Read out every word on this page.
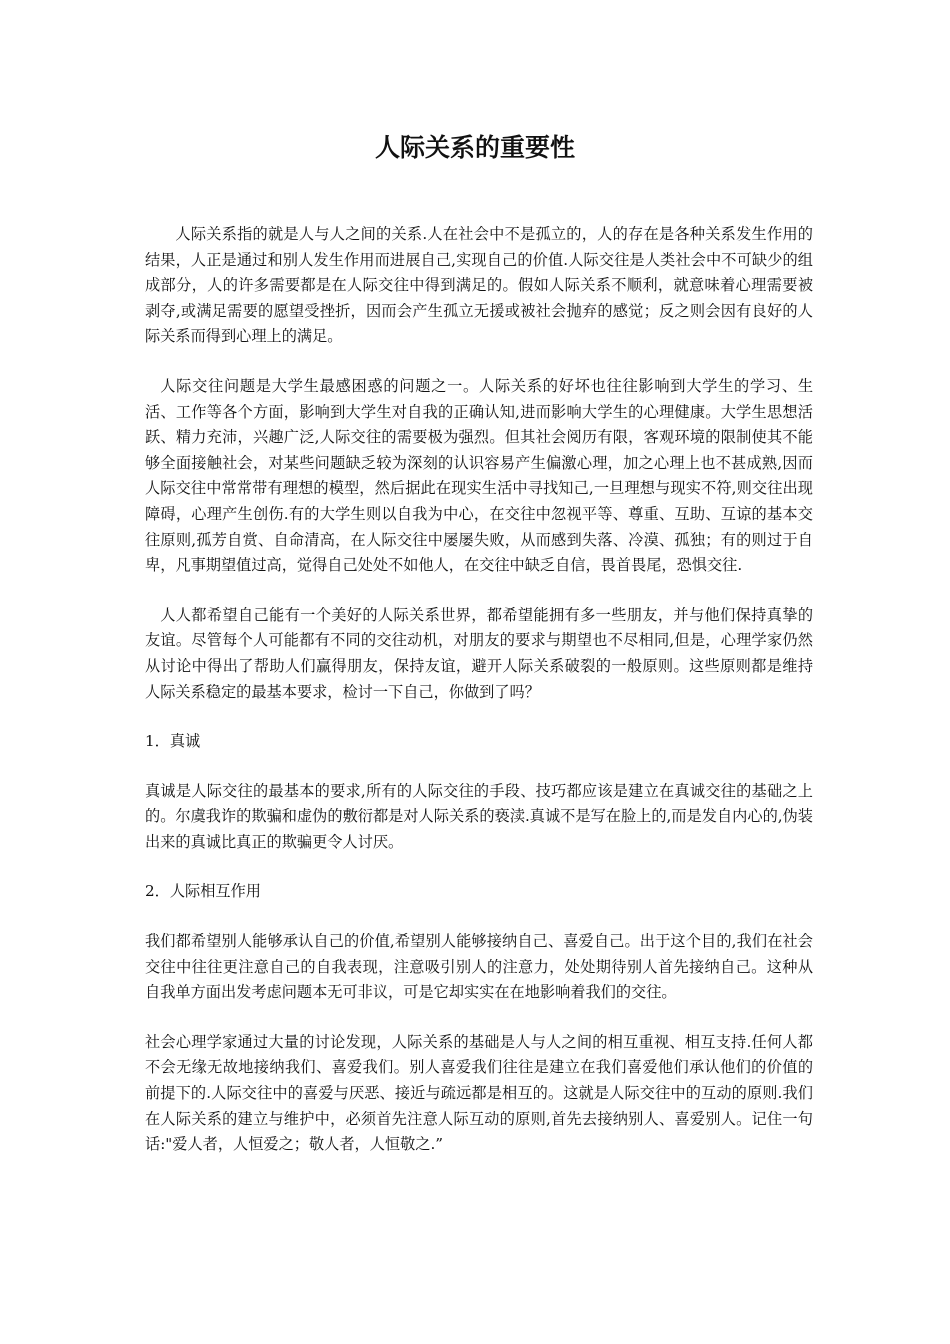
人际关系的重要性

人际关系指的就是人与人之间的关系.人在社会中不是孤立的，人的存在是各种关系发生作用的结果，人正是通过和别人发生作用而进展自己,实现自己的价值.人际交往是人类社会中不可缺少的组成部分，人的许多需要都是在人际交往中得到满足的。假如人际关系不顺利，就意味着心理需要被剥夺,或满足需要的愿望受挫折，因而会产生孤立无援或被社会抛弃的感觉；反之则会因有良好的人际关系而得到心理上的满足。

人际交往问题是大学生最感困惑的问题之一。人际关系的好坏也往往影响到大学生的学习、生活、工作等各个方面，影响到大学生对自我的正确认知,进而影响大学生的心理健康。大学生思想活跃、精力充沛，兴趣广泛,人际交往的需要极为强烈。但其社会阅历有限，客观环境的限制使其不能够全面接触社会，对某些问题缺乏较为深刻的认识容易产生偏激心理，加之心理上也不甚成熟,因而人际交往中常常带有理想的模型，然后据此在现实生活中寻找知己,一旦理想与现实不符,则交往出现障碍，心理产生创伤.有的大学生则以自我为中心，在交往中忽视平等、尊重、互助、互谅的基本交往原则,孤芳自赏、自命清高，在人际交往中屡屡失败，从而感到失落、冷漠、孤独；有的则过于自卑，凡事期望值过高，觉得自己处处不如他人，在交往中缺乏自信，畏首畏尾，恐惧交往.

人人都希望自己能有一个美好的人际关系世界，都希望能拥有多一些朋友，并与他们保持真挚的友谊。尽管每个人可能都有不同的交往动机，对朋友的要求与期望也不尽相同,但是，心理学家仍然从讨论中得出了帮助人们赢得朋友，保持友谊，避开人际关系破裂的一般原则。这些原则都是维持人际关系稳定的最基本要求，检讨一下自己，你做到了吗？

1．真诚

真诚是人际交往的最基本的要求,所有的人际交往的手段、技巧都应该是建立在真诚交往的基础之上的。尔虞我诈的欺骗和虚伪的敷衍都是对人际关系的亵渎.真诚不是写在脸上的,而是发自内心的,伪装出来的真诚比真正的欺骗更令人讨厌。

2．人际相互作用

我们都希望别人能够承认自己的价值,希望别人能够接纳自己、喜爱自己。出于这个目的,我们在社会交往中往往更注意自己的自我表现，注意吸引别人的注意力，处处期待别人首先接纳自己。这种从自我单方面出发考虑问题本无可非议，可是它却实实在在地影响着我们的交往。

社会心理学家通过大量的讨论发现，人际关系的基础是人与人之间的相互重视、相互支持.任何人都不会无缘无故地接纳我们、喜爱我们。别人喜爱我们往往是建立在我们喜爱他们承认他们的价值的前提下的.人际交往中的喜爱与厌恶、接近与疏远都是相互的。这就是人际交往中的互动的原则.我们在人际关系的建立与维护中，必须首先注意人际互动的原则,首先去接纳别人、喜爱别人。记住一句话:"爱人者，人恒爱之；敬人者，人恒敬之.”
